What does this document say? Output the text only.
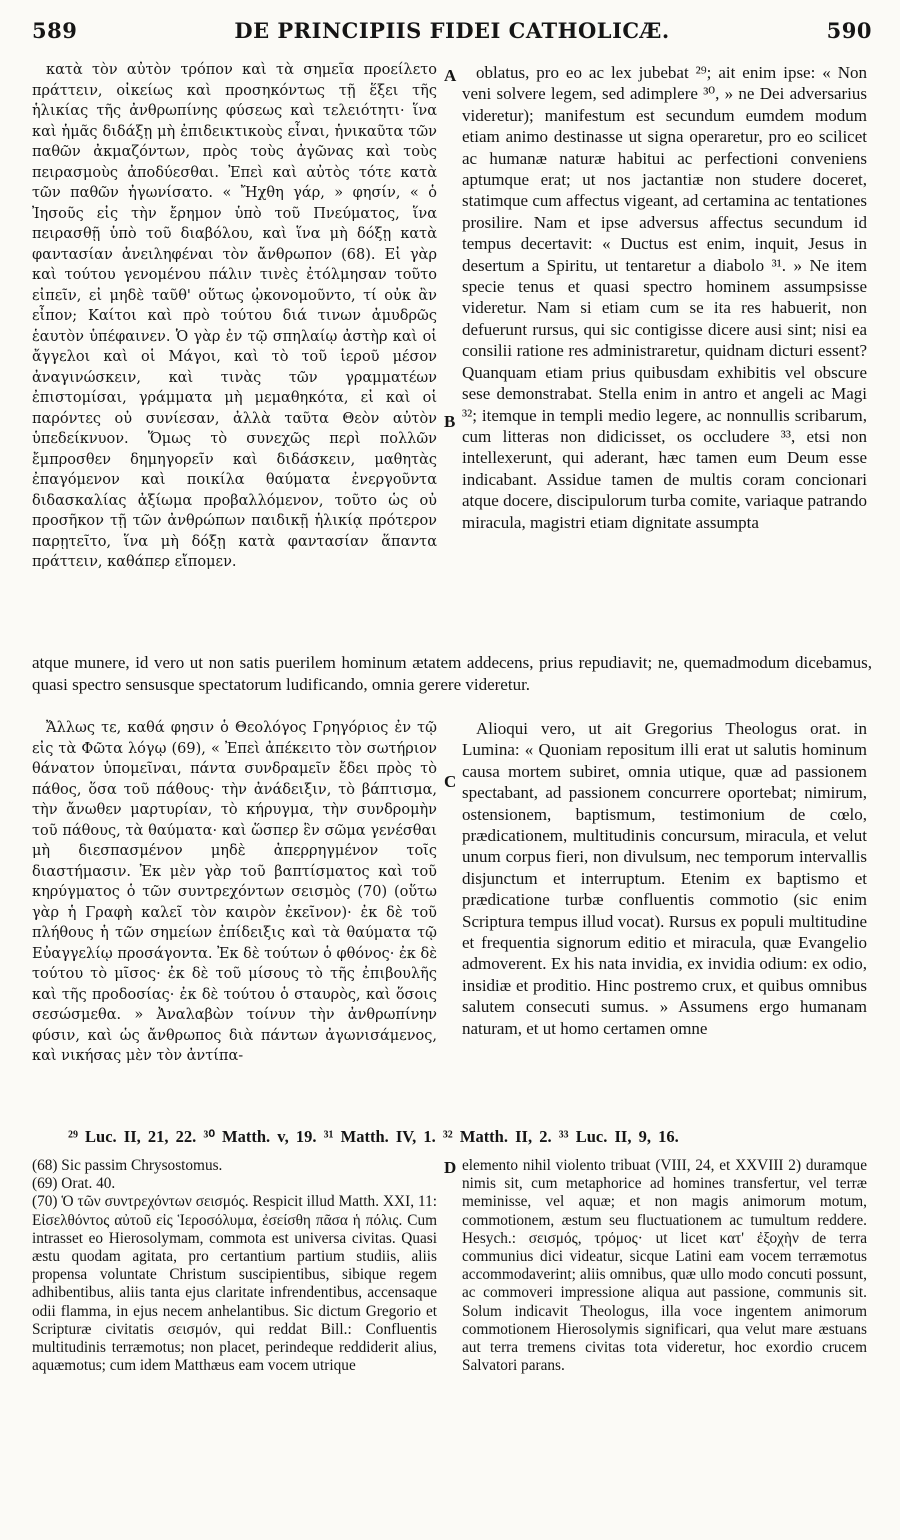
589	DE PRINCIPIIS FIDEI CATHOLICÆ.	590

κατὰ τὸν αὐτὸν τρόπον καὶ τὰ σημεῖα προείλετο πράττειν, οἰκείως καὶ προσηκόντως τῇ ἕξει τῆς ἡλικίας τῆς ἀνθρωπίνης φύσεως καὶ τελειότητι· ἵνα καὶ ἡμᾶς διδάξῃ μὴ ἐπιδεικτικοὺς εἶναι, ἡνικαῦτα τῶν παθῶν ἀκμαζόντων, πρὸς τοὺς ἀγῶνας καὶ τοὺς πειρασμοὺς ἀποδύεσθαι. Ἐπεὶ καὶ αὐτὸς τότε κατὰ τῶν παθῶν ἠγωνίσατο. « Ἤχθη γάρ, » φησίν, « ὁ Ἰησοῦς εἰς τὴν ἔρημον ὑπὸ τοῦ Πνεύματος, ἵνα πειρασθῇ ὑπὸ τοῦ διαβόλου, καὶ ἵνα μὴ δόξῃ κατὰ φαντασίαν ἀνειληφέναι τὸν ἄνθρωπον (68). Εἰ γὰρ καὶ τούτου γενομένου πάλιν τινὲς ἐτόλμησαν τοῦτο εἰπεῖν, εἰ μηδὲ ταῦθ' οὕτως ᾠκονομοῦντο, τί οὐκ ἂν εἶπον; Καίτοι καὶ πρὸ τούτου διά τινων ἀμυδρῶς ἑαυτὸν ὑπέφαινεν. Ὁ γὰρ ἐν τῷ σπηλαίῳ ἀστὴρ καὶ οἱ ἄγγελοι καὶ οἱ Μάγοι, καὶ τὸ τοῦ ἱεροῦ μέσον ἀναγινώσκειν, καὶ τινὰς τῶν γραμματέων ἐπιστομίσαι, γράμματα μὴ μεμαθηκότα, εἰ καὶ οἱ παρόντες οὐ συνίεσαν, ἀλλὰ ταῦτα Θεὸν αὐτὸν ὑπεδείκνυον. Ὅμως τὸ συνεχῶς περὶ πολλῶν ἔμπροσθεν δημηγορεῖν καὶ διδάσκειν, μαθητὰς ἐπαγόμενον καὶ ποικίλα θαύματα ἐνεργοῦντα διδασκαλίας ἀξίωμα προβαλλόμενον, τοῦτο ὡς οὐ προσῆκον τῇ τῶν ἀνθρώπων παιδικῇ ἡλικίᾳ πρότερον παρῃτεῖτο, ἵνα μὴ δόξῃ κατὰ φαντασίαν ἅπαντα πράττειν, καθάπερ εἴπομεν.

A
B
C
D

oblatus, pro eo ac lex jubebat ²⁹; ait enim ipse: « Non veni solvere legem, sed adimplere ³⁰, » ne Dei adversarius videretur); manifestum est secundum eumdem modum etiam animo destinasse ut signa operaretur, pro eo scilicet ac humanæ naturæ habitui ac perfectioni conveniens aptumque erat; ut nos jactantiæ non studere doceret, statimque cum affectus vigeant, ad certamina ac tentationes prosilire. Nam et ipse adversus affectus secundum id tempus decertavit: « Ductus est enim, inquit, Jesus in desertum a Spiritu, ut tentaretur a diabolo ³¹. » Ne item specie tenus et quasi spectro hominem assumpsisse videretur. Nam si etiam cum se ita res habuerit, non defuerunt rursus, qui sic contigisse dicere ausi sint; nisi ea consilii ratione res administraretur, quidnam dicturi essent? Quanquam etiam prius quibusdam exhibitis vel obscure sese demonstrabat. Stella enim in antro et angeli ac Magi ³²; itemque in templi medio legere, ac nonnullis scribarum, cum litteras non didicisset, os occludere ³³, etsi non intellexerunt, qui aderant, hæc tamen eum Deum esse indicabant. Assidue tamen de multis coram concionari atque docere, discipulorum turba comite, variaque patrando miracula, magistri etiam dignitate assumpta

atque munere, id vero ut non satis puerilem hominum ætatem addecens, prius repudiavit; ne, quemadmodum dicebamus, quasi spectro sensusque spectatorum ludificando, omnia gerere videretur.

Ἄλλως τε, καθά φησιν ὁ Θεολόγος Γρηγόριος ἐν τῷ εἰς τὰ Φῶτα λόγῳ (69), « Ἐπεὶ ἀπέκειτο τὸν σωτήριον θάνατον ὑπομεῖναι, πάντα συνδραμεῖν ἔδει πρὸς τὸ πάθος, ὅσα τοῦ πάθους· τὴν ἀνάδειξιν, τὸ βάπτισμα, τὴν ἄνωθεν μαρτυρίαν, τὸ κήρυγμα, τὴν συνδρομὴν τοῦ πάθους, τὰ θαύματα· καὶ ὥσπερ ἓν σῶμα γενέσθαι μὴ διεσπασμένον μηδὲ ἀπερρηγμένον τοῖς διαστήμασιν. Ἐκ μὲν γὰρ τοῦ βαπτίσματος καὶ τοῦ κηρύγματος ὁ τῶν συντρεχόντων σεισμὸς (70) (οὕτω γὰρ ἡ Γραφὴ καλεῖ τὸν καιρὸν ἐκεῖνον)· ἐκ δὲ τοῦ πλήθους ἡ τῶν σημείων ἐπίδειξις καὶ τὰ θαύματα τῷ Εὐαγγελίῳ προσάγοντα. Ἐκ δὲ τούτων ὁ φθόνος· ἐκ δὲ τούτου τὸ μῖσος· ἐκ δὲ τοῦ μίσους τὸ τῆς ἐπιβουλῆς καὶ τῆς προδοσίας· ἐκ δὲ τούτου ὁ σταυρὸς, καὶ ὅσοις σεσώσμεθα. » Ἀναλαβὼν τοίνυν τὴν ἀνθρωπίνην φύσιν, καὶ ὡς ἄνθρωπος διὰ πάντων ἀγωνισάμενος, καὶ νικήσας μὲν τὸν ἀντίπα-

Alioqui vero, ut ait Gregorius Theologus orat. in Lumina: « Quoniam repositum illi erat ut salutis hominum causa mortem subiret, omnia utique, quæ ad passionem spectabant, ad passionem concurrere oportebat; nimirum, ostensionem, baptismum, testimonium de cœlo, prædicationem, multitudinis concursum, miracula, et velut unum corpus fieri, non divulsum, nec temporum intervallis disjunctum et interruptum. Etenim ex baptismo et prædicatione turbæ confluentis commotio (sic enim Scriptura tempus illud vocat). Rursus ex populi multitudine et frequentia signorum editio et miracula, quæ Evangelio admoverent. Ex his nata invidia, ex invidia odium: ex odio, insidiæ et proditio. Hinc postremo crux, et quibus omnibus salutem consecuti sumus. » Assumens ergo humanam naturam, et ut homo certamen omne

²⁹ Luc. II, 21, 22. ³⁰ Matth. v, 19. ³¹ Matth. IV, 1. ³² Matth. II, 2. ³³ Luc. II, 9, 16.

(68) Sic passim Chrysostomus.

(69) Orat. 40.

(70) Ὁ τῶν συντρεχόντων σεισμός. Respicit illud Matth. XXI, 11: Εἰσελθόντος αὐτοῦ εἰς Ἱεροσόλυμα, ἐσείσθη πᾶσα ἡ πόλις. Cum intrasset eo Hierosolymam, commota est universa civitas. Quasi æstu quodam agitata, pro certantium partium studiis, aliis propensa voluntate Christum suscipientibus, sibique regem adhibentibus, aliis tanta ejus claritate infrendentibus, accensaque odii flamma, in ejus necem anhelantibus. Sic dictum Gregorio et Scripturæ civitatis σεισμόν, qui reddat Bill.: Confluentis multitudinis terræmotus; non placet, perindeque reddiderit alius, aquæmotus; cum idem Matthæus eam vocem utrique

elemento nihil violento tribuat (VIII, 24, et XXVIII 2) duramque nimis sit, cum metaphorice ad homines transfertur, vel terræ meminisse, vel aquæ; et non magis animorum motum, commotionem, æstum seu fluctuationem ac tumultum reddere. Hesych.: σεισμός, τρόμος· ut licet κατ' ἐξοχὴν de terra communius dici videatur, sicque Latini eam vocem terræmotus accommodaverint; aliis omnibus, quæ ullo modo concuti possunt, ac commoveri impressione aliqua aut passione, communis sit. Solum indicavit Theologus, illa voce ingentem animorum commotionem Hierosolymis significari, qua velut mare æstuans aut terra tremens civitas tota videretur, hoc exordio crucem Salvatori parans.
